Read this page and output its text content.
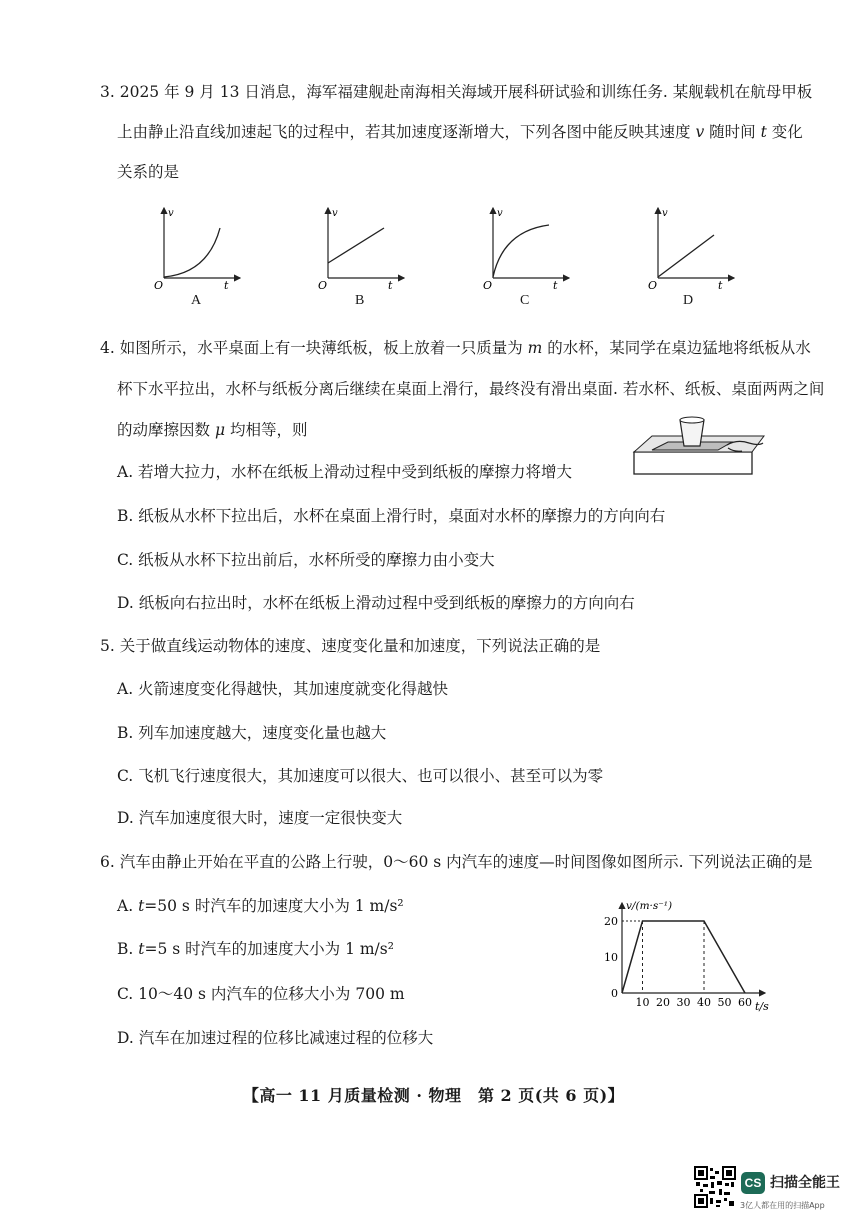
3. 2025 年 9 月 13 日消息，海军福建舰赴南海相关海域开展科研试验和训练任务. 某舰载机在航母甲板
上由静止沿直线加速起飞的过程中，若其加速度逐渐增大，下列各图中能反映其速度 v 随时间 t 变化
关系的是
v
t
O
A
v
t
O
B
v
t
O
C
v
t
O
D
4. 如图所示，水平桌面上有一块薄纸板，板上放着一只质量为 m 的水杯，某同学在桌边猛地将纸板从水
杯下水平拉出，水杯与纸板分离后继续在桌面上滑行，最终没有滑出桌面. 若水杯、纸板、桌面两两之间
的动摩擦因数 μ 均相等，则
A. 若增大拉力，水杯在纸板上滑动过程中受到纸板的摩擦力将增大
B. 纸板从水杯下拉出后，水杯在桌面上滑行时，桌面对水杯的摩擦力的方向向右
C. 纸板从水杯下拉出前后，水杯所受的摩擦力由小变大
D. 纸板向右拉出时，水杯在纸板上滑动过程中受到纸板的摩擦力的方向向右
5. 关于做直线运动物体的速度、速度变化量和加速度，下列说法正确的是
A. 火箭速度变化得越快，其加速度就变化得越快
B. 列车加速度越大，速度变化量也越大
C. 飞机飞行速度很大，其加速度可以很大、也可以很小、甚至可以为零
D. 汽车加速度很大时，速度一定很快变大
6. 汽车由静止开始在平直的公路上行驶，0～60 s 内汽车的速度—时间图像如图所示. 下列说法正确的是
A. t=50 s 时汽车的加速度大小为 1 m/s²
B. t=5 s 时汽车的加速度大小为 1 m/s²
C. 10～40 s 内汽车的位移大小为 700 m
D. 汽车在加速过程的位移比减速过程的位移大
v/(m·s⁻¹)
t/s
0
10
20
10 20 30 40 50 60
【高一 11 月质量检测 · 物理　第 2 页(共 6 页)】
CS 扫描全能王
3亿人都在用的扫描App
